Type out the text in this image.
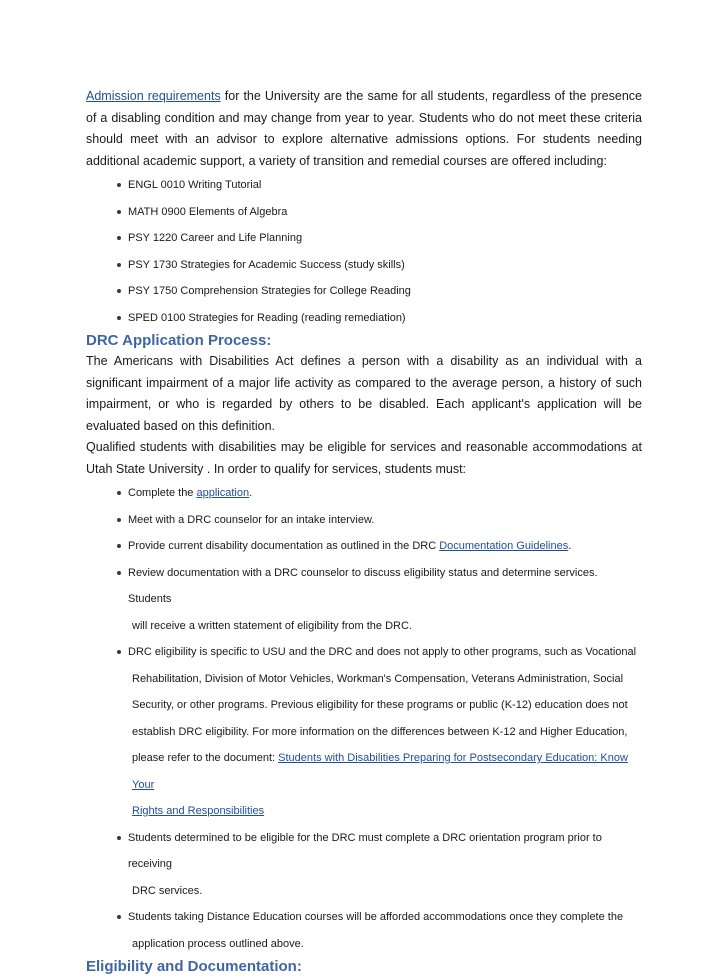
Admission requirements for the University are the same for all students, regardless of the presence of a disabling condition and may change from year to year. Students who do not meet these criteria should meet with an advisor to explore alternative admissions options. For students needing additional academic support, a variety of transition and remedial courses are offered including:

ENGL 0010 Writing Tutorial
MATH 0900 Elements of Algebra
PSY 1220 Career and Life Planning
PSY 1730 Strategies for Academic Success (study skills)
PSY 1750 Comprehension Strategies for College Reading
SPED 0100 Strategies for Reading (reading remediation)
DRC Application Process:

The Americans with Disabilities Act defines a person with a disability as an individual with a significant impairment of a major life activity as compared to the average person, a history of such impairment, or who is regarded by others to be disabled. Each applicant's application will be evaluated based on this definition.

Qualified students with disabilities may be eligible for services and reasonable accommodations at Utah State University . In order to qualify for services, students must:

Complete the application.
Meet with a DRC counselor for an intake interview.
Provide current disability documentation as outlined in the DRC Documentation Guidelines.
Review documentation with a DRC counselor to discuss eligibility status and determine services. Students
will receive a written statement of eligibility from the DRC.
DRC eligibility is specific to USU and the DRC and does not apply to other programs, such as Vocational
Rehabilitation, Division of Motor Vehicles, Workman's Compensation, Veterans Administration, Social
Security, or other programs. Previous eligibility for these programs or public (K-12) education does not
establish DRC eligibility. For more information on the differences between K-12 and Higher Education,
please refer to the document: Students with Disabilities Preparing for Postsecondary Education: Know Your
Rights and Responsibilities
Students determined to be eligible for the DRC must complete a DRC orientation program prior to receiving
DRC services.
Students taking Distance Education courses will be afforded accommodations once they complete the
application process outlined above.
Eligibility and Documentation:
